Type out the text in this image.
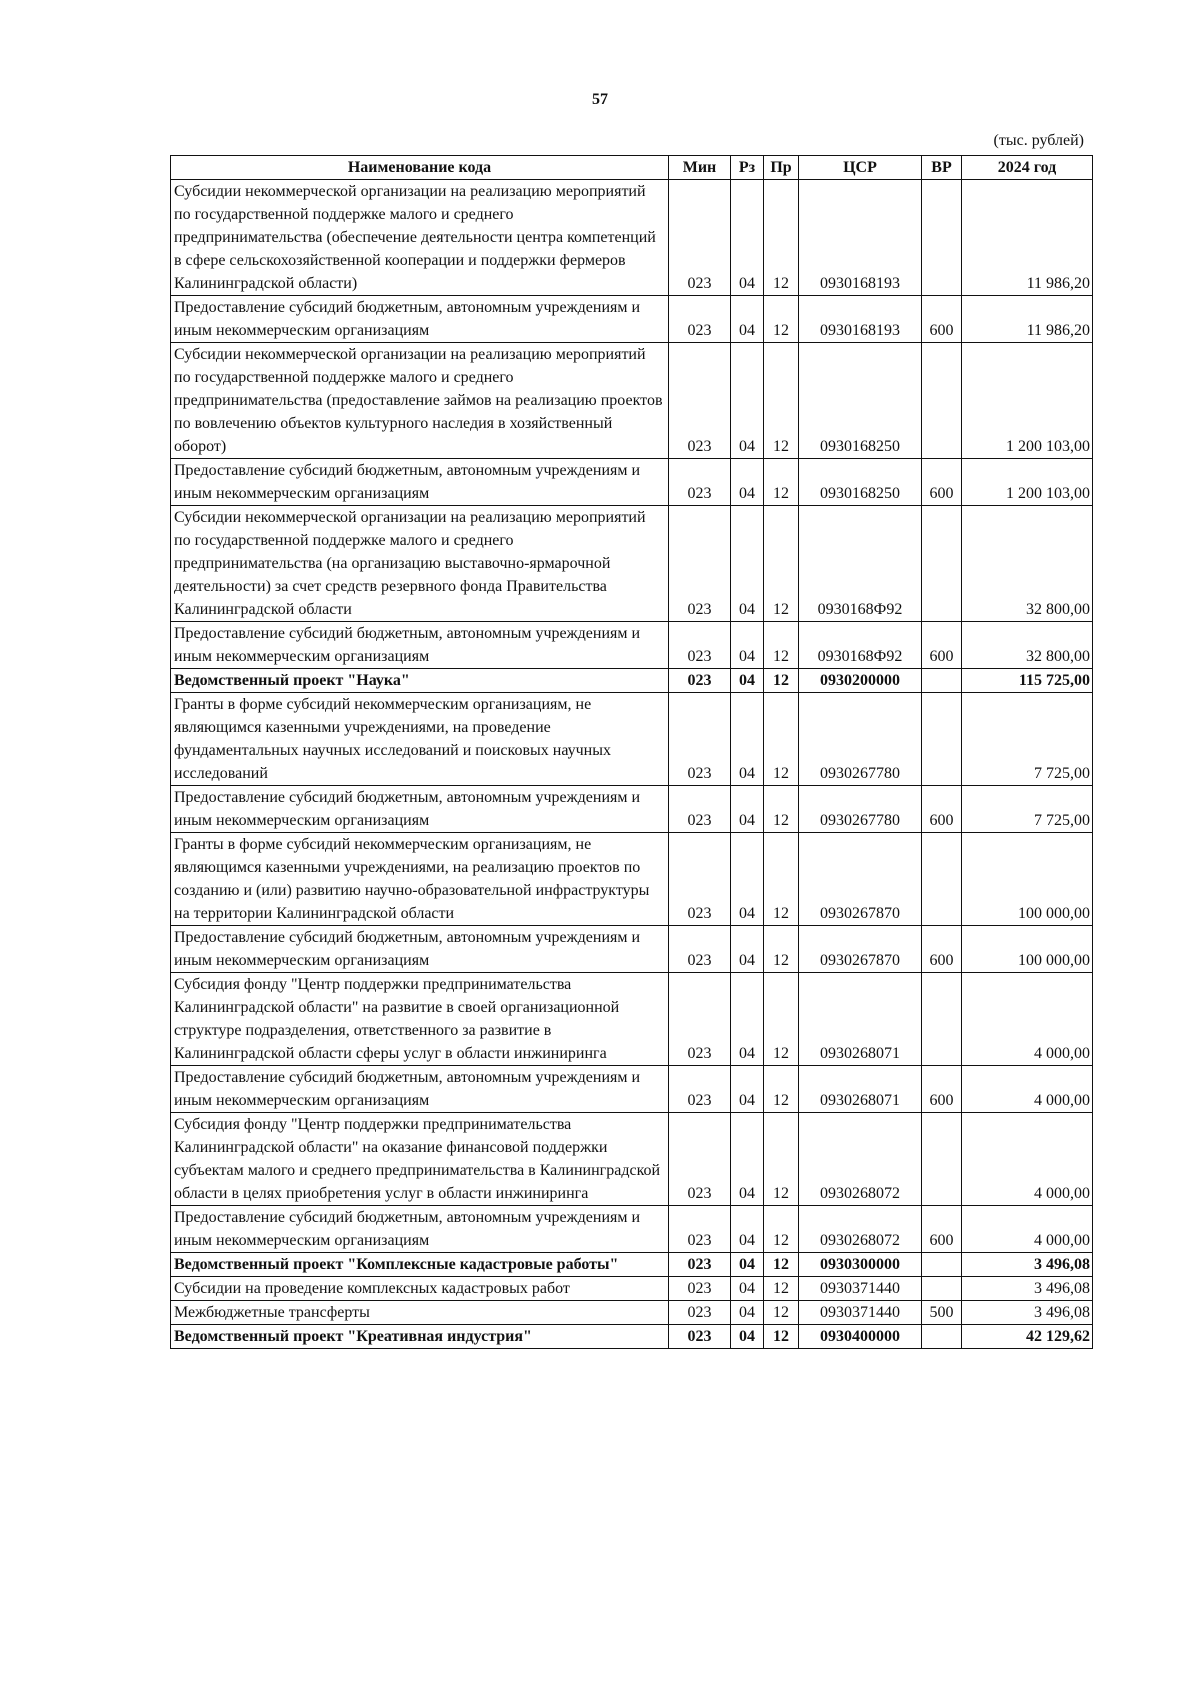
57
(тыс. рублей)
Наименование кода	Мин	Рз	Пр	ЦСР	ВР	2024 год
Субсидии некоммерческой организации на реализацию мероприятий по государственной поддержке малого и среднего предпринимательства (обеспечение деятельности центра компетенций в сфере сельскохозяйственной кооперации и поддержки фермеров Калининградской области)	023	04	12	0930168193		11 986,20
Предоставление субсидий бюджетным, автономным учреждениям и иным некоммерческим организациям	023	04	12	0930168193	600	11 986,20
Субсидии некоммерческой организации на реализацию мероприятий по государственной поддержке малого и среднего предпринимательства (предоставление займов на реализацию проектов по вовлечению объектов культурного наследия в хозяйственный оборот)	023	04	12	0930168250		1 200 103,00
Предоставление субсидий бюджетным, автономным учреждениям и иным некоммерческим организациям	023	04	12	0930168250	600	1 200 103,00
Субсидии некоммерческой организации на реализацию мероприятий по государственной поддержке малого и среднего предпринимательства (на организацию выставочно-ярмарочной деятельности) за счет средств резервного фонда Правительства Калининградской области	023	04	12	0930168Ф92		32 800,00
Предоставление субсидий бюджетным, автономным учреждениям и иным некоммерческим организациям	023	04	12	0930168Ф92	600	32 800,00
Ведомственный проект "Наука"	023	04	12	0930200000		115 725,00
Гранты в форме субсидий некоммерческим организациям, не являющимся казенными учреждениями, на проведение фундаментальных научных исследований и поисковых научных исследований	023	04	12	0930267780		7 725,00
Предоставление субсидий бюджетным, автономным учреждениям и иным некоммерческим организациям	023	04	12	0930267780	600	7 725,00
Гранты в форме субсидий некоммерческим организациям, не являющимся казенными учреждениями, на реализацию проектов по созданию и (или) развитию научно-образовательной инфраструктуры на территории Калининградской области	023	04	12	0930267870		100 000,00
Предоставление субсидий бюджетным, автономным учреждениям и иным некоммерческим организациям	023	04	12	0930267870	600	100 000,00
Субсидия фонду "Центр поддержки предпринимательства Калининградской области" на развитие в своей организационной структуре подразделения, ответственного за развитие в Калининградской области сферы услуг в области инжиниринга	023	04	12	0930268071		4 000,00
Предоставление субсидий бюджетным, автономным учреждениям и иным некоммерческим организациям	023	04	12	0930268071	600	4 000,00
Субсидия фонду "Центр поддержки предпринимательства Калининградской области" на оказание финансовой поддержки субъектам малого и среднего предпринимательства в Калининградской области в целях приобретения услуг в области инжиниринга	023	04	12	0930268072		4 000,00
Предоставление субсидий бюджетным, автономным учреждениям и иным некоммерческим организациям	023	04	12	0930268072	600	4 000,00
Ведомственный проект "Комплексные кадастровые работы"	023	04	12	0930300000		3 496,08
Субсидии на проведение комплексных кадастровых работ	023	04	12	0930371440		3 496,08
Межбюджетные трансферты	023	04	12	0930371440	500	3 496,08
Ведомственный проект "Креативная индустрия"	023	04	12	0930400000		42 129,62
